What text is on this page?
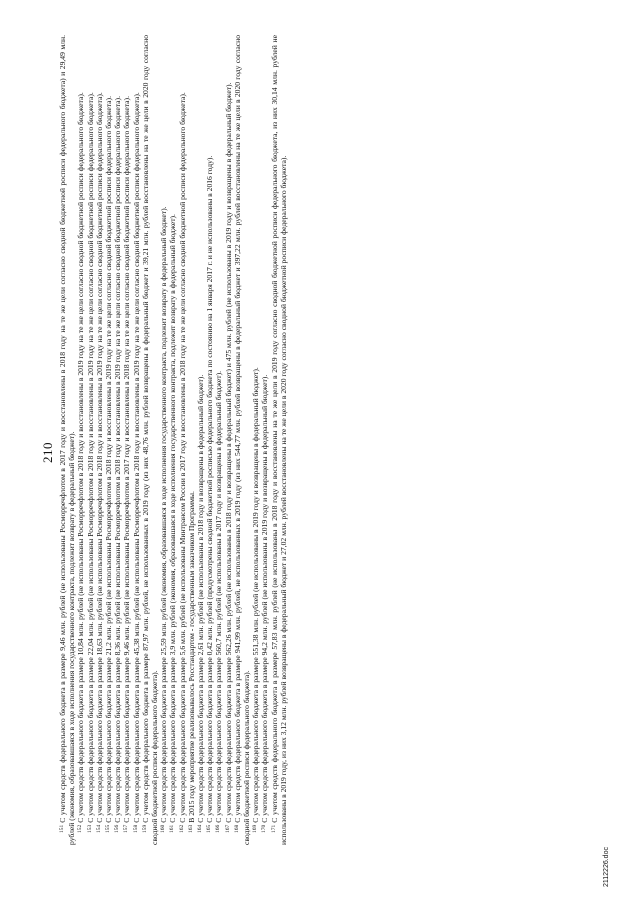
210

$^{151}$С учетом средств федерального бюджета в размере 9,46 млн. рублей (не использованы Росморречфлотом в 2017 году и восстановлены в 2018 году на те же цели согласно сводной бюджетной росписи федерального бюджета) и 29,49 млн. рублей (экономия, образовавшаяся в ходе исполнения государственного контракта, подлежит возврату в федеральный бюджет). $^{152}$С учетом средств федерального бюджета в размере 10,84 млн. рублей (не использованы Росморречфлотом в 2018 году и восстановлены в 2019 году на те же цели согласно сводной бюджетной росписи федерального бюджета).

$^{153}$С учетом средств федерального бюджета в размере 22,04 млн. рублей (не использованы Росморречфлотом в 2018 году и восстановлены в 2019 году на те же цели согласно сводной бюджетной росписи федерального бюджета).

$^{154}$С учетом средств федерального бюджета в размере 18,63 млн. рублей (не использованы Росморречфлотом в 2018 году и восстановлены в 2019 году на те же цели согласно сводной бюджетной росписи федерального бюджета).

$^{155}$С учетом средств федерального бюджета в размере 21,2 млн. рублей (не использованы Росморречфлотом в 2018 году и восстановлены в 2019 году на те же цели согласно сводной бюджетной росписи федерального бюджета).

$^{156}$С учетом средств федерального бюджета в размере 8,36 млн. рублей (не использованы Росморречфлотом в 2018 году и восстановлены в 2019 году на те же цели согласно сводной бюджетной росписи федерального бюджета).

$^{157}$С учетом средств федерального бюджета в размере 9,46 млн. рублей (не использованы Росморречфлотом в 2017 году и восстановлены в 2018 году на те же цели согласно сводной бюджетной росписи федерального бюджета).

$^{158}$С учетом средств федерального бюджета в размере 45,38 млн. рублей (не использованы Росморречфлотом в 2018 году и восстановлены в 2019 году на те же цели согласно сводной бюджетной росписи федерального бюджета).

$^{159}$С учетом средств федерального бюджета в размере 87,97 млн. рублей, не использованных в 2019 году (из них 48,76 млн. рублей возвращены в федеральный бюджет и 39,21 млн. рублей восстановлены на те же цели в 2020 году согласно сводной бюджетной росписи федерального бюджета). $^{160}$С учетом средств федерального бюджета в размере 25,59 млн. рублей (экономия, образовавшаяся в ходе исполнения государственного контракта, подлежит возврату в федеральный бюджет).

$^{161}$С учетом средств федерального бюджета в размере 3,9 млн. рублей (экономия, образовавшаяся в ходе исполнения государственного контракта, подлежит возврату в федеральный бюджет).

$^{162}$С учетом средств федерального бюджета в размере 5,6 млн. рублей (не использованы Минтрансом России в 2017 году и восстановлены в 2018 году на те же цели согласно сводной бюджетной росписи федерального бюджета).

$^{163}$В 2015 году мероприятие реализовывалось Росстандартом - государственным заказчиком Программы.

$^{164}$С учетом средств федерального бюджета в размере 2,61 млн. рублей (не использованы в 2018 году и возвращены в федеральный бюджет).

$^{165}$С учетом средств федерального бюджета в размере 0,42 млн. рублей (предусмотрены сводной бюджетной росписью федерального бюджета по состоянию на 1 января 2017 г. и не использованы в 2016 году).

$^{166}$С учетом средств федерального бюджета в размере 560,7 млн. рублей (не использованы в 2017 году и возвращены в федеральный бюджет).

$^{167}$С учетом средств федерального бюджета в размере 562,26 млн. рублей (не использованы в 2018 году и возвращены в федеральный бюджет) и 475 млн. рублей (не использованы в 2019 году и возвращены в федеральный бюджет).

$^{168}$С учетом средств федерального бюджета в размере 941,99 млн. рублей, не использованных в 2019 году (из них 544,77 млн. рублей возвращены в федеральный бюджет и 397,22 млн. рублей восстановлены на те же цели в 2020 году согласно сводной бюджетной росписи федерального бюджета). $^{169}$С учетом средств федерального бюджета в размере 551,38 млн. рублей (не использованы в 2019 году и возвращены в федеральный бюджет).

$^{170}$С учетом средств федерального бюджета в размере 94,2 млн. рублей (не использованы в 2019 году и возвращены в федеральный бюджет).

$^{171}$С учетом средств федерального бюджета в размере 57,83 млн. рублей (не использованы в 2018 году и восстановлены на те же цели в 2019 году согласно сводной бюджетной росписи федерального бюджета, из них 30,14 млн. рублей не использованы в 2019 году, из них 3,12 млн. рублей возвращены в федеральный бюджет и 27,02 млн. рублей восстановлены на те же цели в 2020 году согласно сводной бюджетной росписи федерального бюджета).

2112226.doc
